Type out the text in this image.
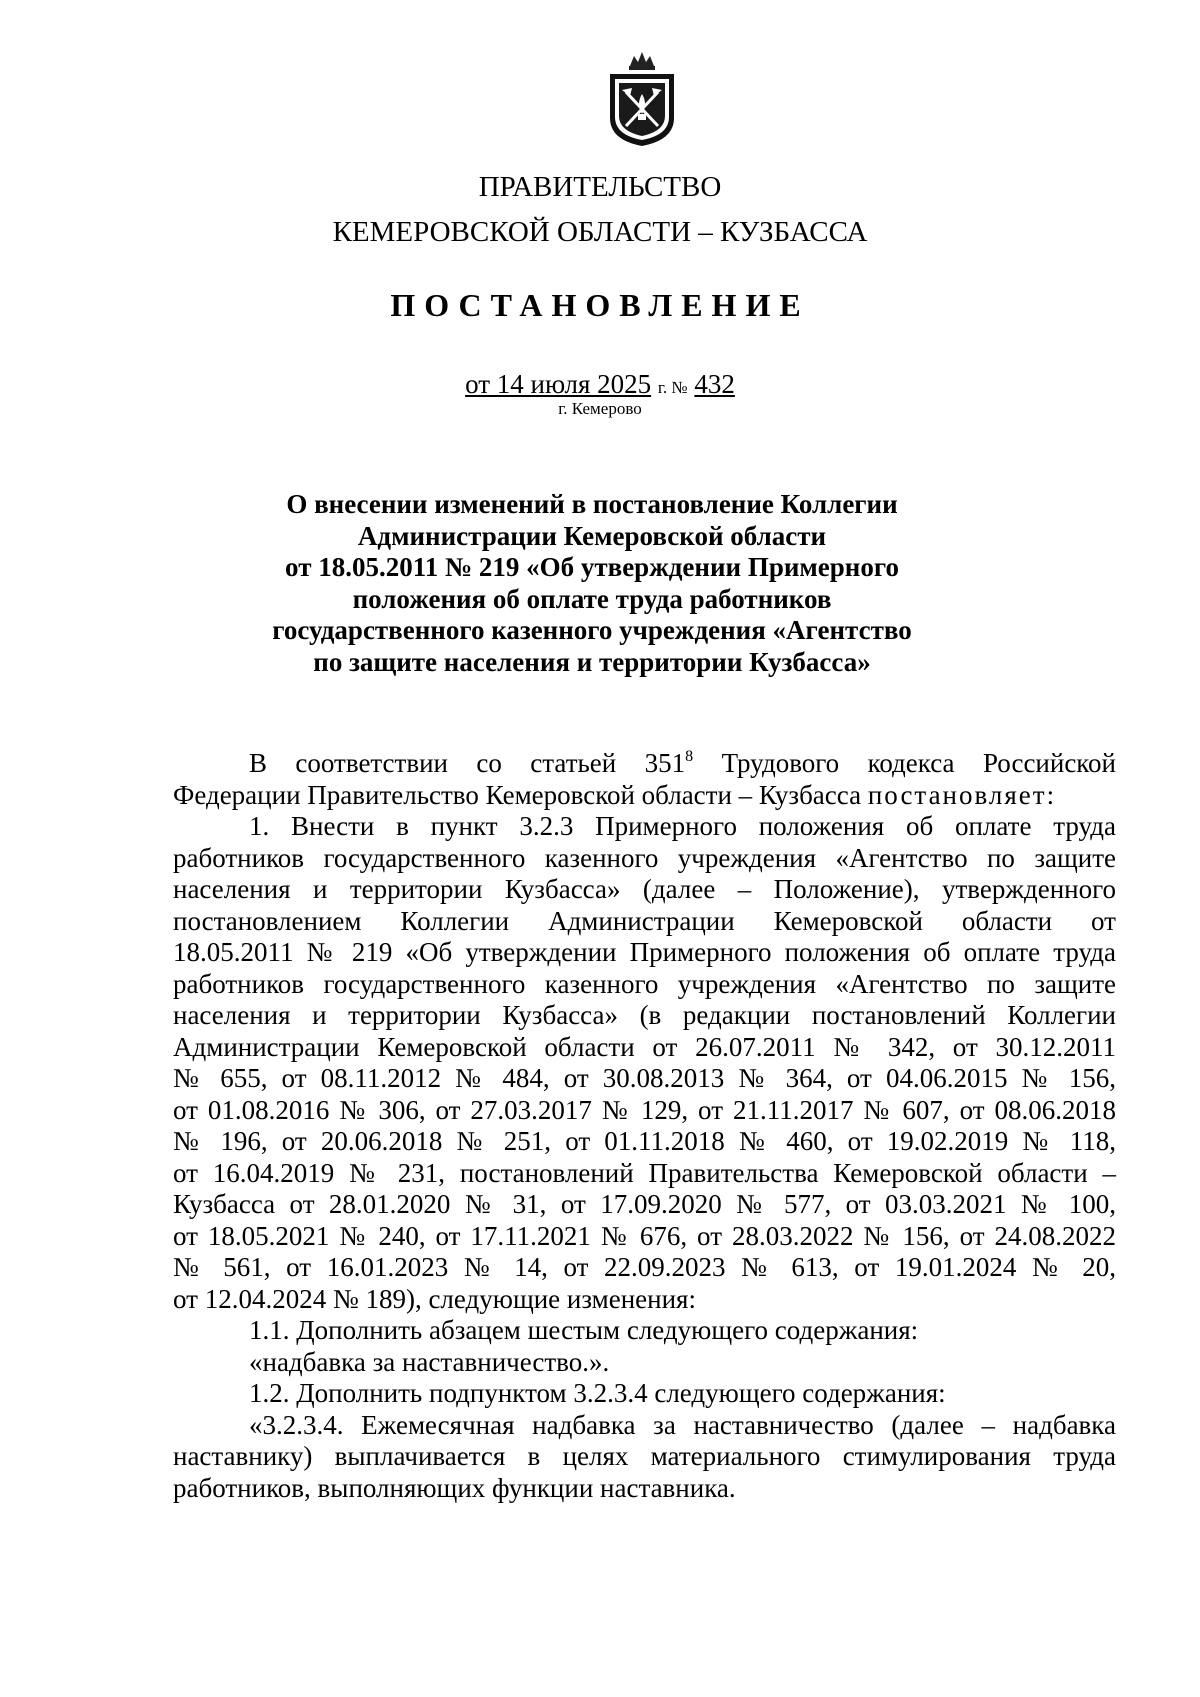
ПРАВИТЕЛЬСТВО
КЕМЕРОВСКОЙ ОБЛАСТИ – КУЗБАССА
ПОСТАНОВЛЕНИЕ
от 14 июля 2025 г. № 432
г. Кемерово
О внесении изменений в постановление Коллегии
Администрации Кемеровской области
от 18.05.2011 № 219 «Об утверждении Примерного
положения об оплате труда работников
государственного казенного учреждения «Агентство
по защите населения и территории Кузбасса»
В соответствии со статьей $351^8$ Трудового кодекса Российской
Федерации Правительство Кемеровской области – Кузбасса постановляет:
1. Внести в пункт 3.2.3 Примерного положения об оплате труда
работников государственного казенного учреждения «Агентство по защите
населения и территории Кузбасса» (далее – Положение), утвержденного
постановлением Коллегии Администрации Кемеровской области от
18.05.2011 № 219 «Об утверждении Примерного положения об оплате труда
работников государственного казенного учреждения «Агентство по защите
населения и территории Кузбасса» (в редакции постановлений Коллегии
Администрации Кемеровской области от 26.07.2011 № 342, от 30.12.2011
№ 655, от 08.11.2012 № 484, от 30.08.2013 № 364, от 04.06.2015 № 156,
от 01.08.2016 № 306, от 27.03.2017 № 129, от 21.11.2017 № 607, от 08.06.2018
№ 196, от 20.06.2018 № 251, от 01.11.2018 № 460, от 19.02.2019 № 118,
от 16.04.2019 № 231, постановлений Правительства Кемеровской области –
Кузбасса от 28.01.2020 № 31, от 17.09.2020 № 577, от 03.03.2021 № 100,
от 18.05.2021 № 240, от 17.11.2021 № 676, от 28.03.2022 № 156, от 24.08.2022
№ 561, от 16.01.2023 № 14, от 22.09.2023 № 613, от 19.01.2024 № 20,
от 12.04.2024 № 189), следующие изменения:
1.1. Дополнить абзацем шестым следующего содержания:
«надбавка за наставничество.».
1.2. Дополнить подпунктом 3.2.3.4 следующего содержания:
«3.2.3.4. Ежемесячная надбавка за наставничество (далее – надбавка
наставнику) выплачивается в целях материального стимулирования труда
работников, выполняющих функции наставника.
